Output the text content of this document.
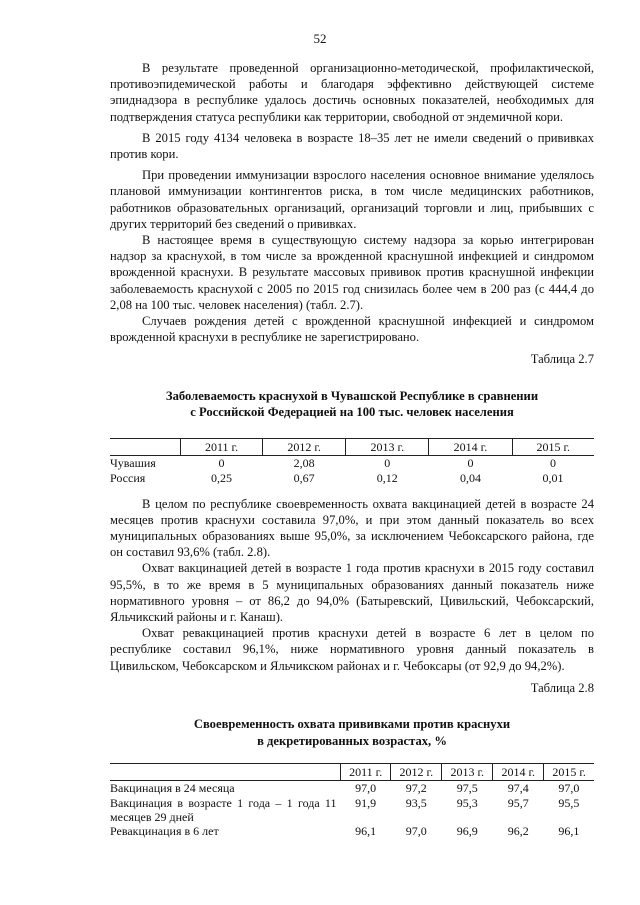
52

В результате проведенной организационно-методической, профилактической, противоэпидемической работы и благодаря эффективно действующей системе эпиднадзора в республике удалось достичь основных показателей, необходимых для подтверждения статуса республики как территории, свободной от эндемичной кори.

В 2015 году 4134 человека в возрасте 18–35 лет не имели сведений о прививках против кори.

При проведении иммунизации взрослого населения основное внимание уделялось плановой иммунизации контингентов риска, в том числе медицинских работников, работников образовательных организаций, организаций торговли и лиц, прибывших с других территорий без сведений о прививках.

В настоящее время в существующую систему надзора за корью интегрирован надзор за краснухой, в том числе за врожденной краснушной инфекцией и синдромом врожденной краснухи. В результате массовых прививок против краснушной инфекции заболеваемость краснухой с 2005 по 2015 год снизилась более чем в 200 раз (с 444,4 до 2,08 на 100 тыс. человек населения) (табл. 2.7).

Случаев рождения детей с врожденной краснушной инфекцией и синдромом врожденной краснухи в республике не зарегистрировано.

Таблица 2.7
Заболеваемость краснухой в Чувашской Республике в сравнении
с Российской Федерацией на 100 тыс. человек населения
	2011 г.	2012 г.	2013 г.	2014 г.	2015 г.
Чувашия	0	2,08	0	0	0
Россия	0,25	0,67	0,12	0,04	0,01

В целом по республике своевременность охвата вакцинацией детей в возрасте 24 месяцев против краснухи составила 97,0%, и при этом данный показатель во всех муниципальных образованиях выше 95,0%, за исключением Чебоксарского района, где он составил 93,6% (табл. 2.8).

Охват вакцинацией детей в возрасте 1 года против краснухи в 2015 году составил 95,5%, в то же время в 5 муниципальных образованиях данный показатель ниже нормативного уровня – от 86,2 до 94,0% (Батыревский, Цивильский, Чебоксарский, Яльчикский районы и г. Канаш).

Охват ревакцинацией против краснухи детей в возрасте 6 лет в целом по республике составил 96,1%, ниже нормативного уровня данный показатель в Цивильском, Чебоксарском и Яльчикском районах и г. Чебоксары (от 92,9 до 94,2%).

Таблица 2.8
Своевременность охвата прививками против краснухи
в декретированных возрастах, %
	2011 г.	2012 г.	2013 г.	2014 г.	2015 г.
Вакцинация в 24 месяца	97,0	97,2	97,5	97,4	97,0
Вакцинация в возрасте 1 года – 1 года 11 месяцев 29 дней	91,9	93,5	95,3	95,7	95,5
Ревакцинация в 6 лет	96,1	97,0	96,9	96,2	96,1
